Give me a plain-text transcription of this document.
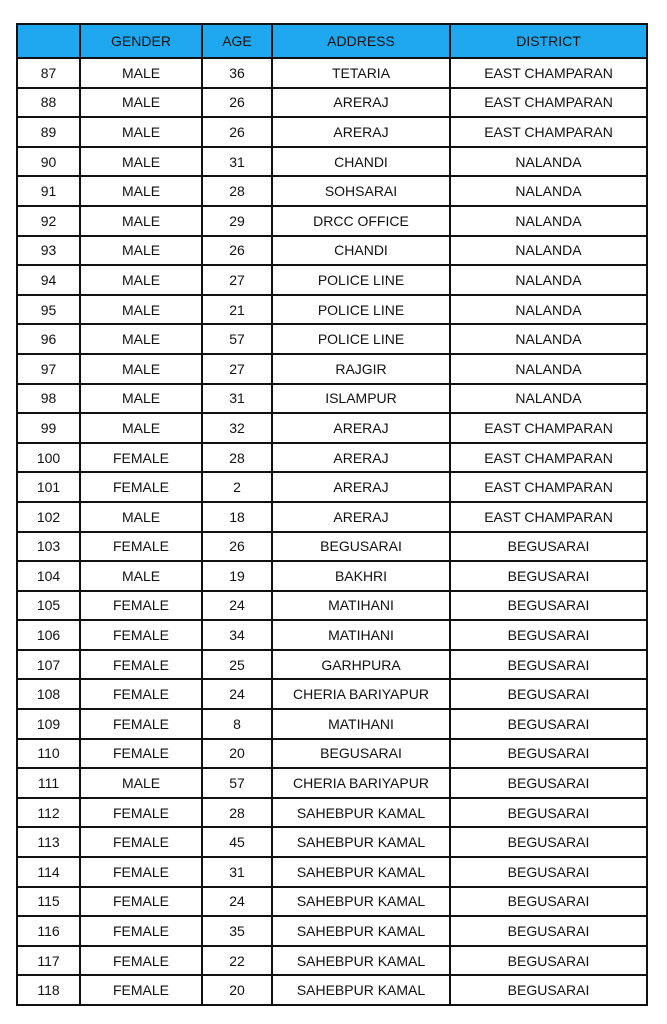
	GENDER	AGE	ADDRESS	DISTRICT
87	MALE	36	TETARIA	EAST CHAMPARAN
88	MALE	26	ARERAJ	EAST CHAMPARAN
89	MALE	26	ARERAJ	EAST CHAMPARAN
90	MALE	31	CHANDI	NALANDA
91	MALE	28	SOHSARAI	NALANDA
92	MALE	29	DRCC OFFICE	NALANDA
93	MALE	26	CHANDI	NALANDA
94	MALE	27	POLICE LINE	NALANDA
95	MALE	21	POLICE LINE	NALANDA
96	MALE	57	POLICE LINE	NALANDA
97	MALE	27	RAJGIR	NALANDA
98	MALE	31	ISLAMPUR	NALANDA
99	MALE	32	ARERAJ	EAST CHAMPARAN
100	FEMALE	28	ARERAJ	EAST CHAMPARAN
101	FEMALE	2	ARERAJ	EAST CHAMPARAN
102	MALE	18	ARERAJ	EAST CHAMPARAN
103	FEMALE	26	BEGUSARAI	BEGUSARAI
104	MALE	19	BAKHRI	BEGUSARAI
105	FEMALE	24	MATIHANI	BEGUSARAI
106	FEMALE	34	MATIHANI	BEGUSARAI
107	FEMALE	25	GARHPURA	BEGUSARAI
108	FEMALE	24	CHERIA BARIYAPUR	BEGUSARAI
109	FEMALE	8	MATIHANI	BEGUSARAI
110	FEMALE	20	BEGUSARAI	BEGUSARAI
111	MALE	57	CHERIA BARIYAPUR	BEGUSARAI
112	FEMALE	28	SAHEBPUR KAMAL	BEGUSARAI
113	FEMALE	45	SAHEBPUR KAMAL	BEGUSARAI
114	FEMALE	31	SAHEBPUR KAMAL	BEGUSARAI
115	FEMALE	24	SAHEBPUR KAMAL	BEGUSARAI
116	FEMALE	35	SAHEBPUR KAMAL	BEGUSARAI
117	FEMALE	22	SAHEBPUR KAMAL	BEGUSARAI
118	FEMALE	20	SAHEBPUR KAMAL	BEGUSARAI
